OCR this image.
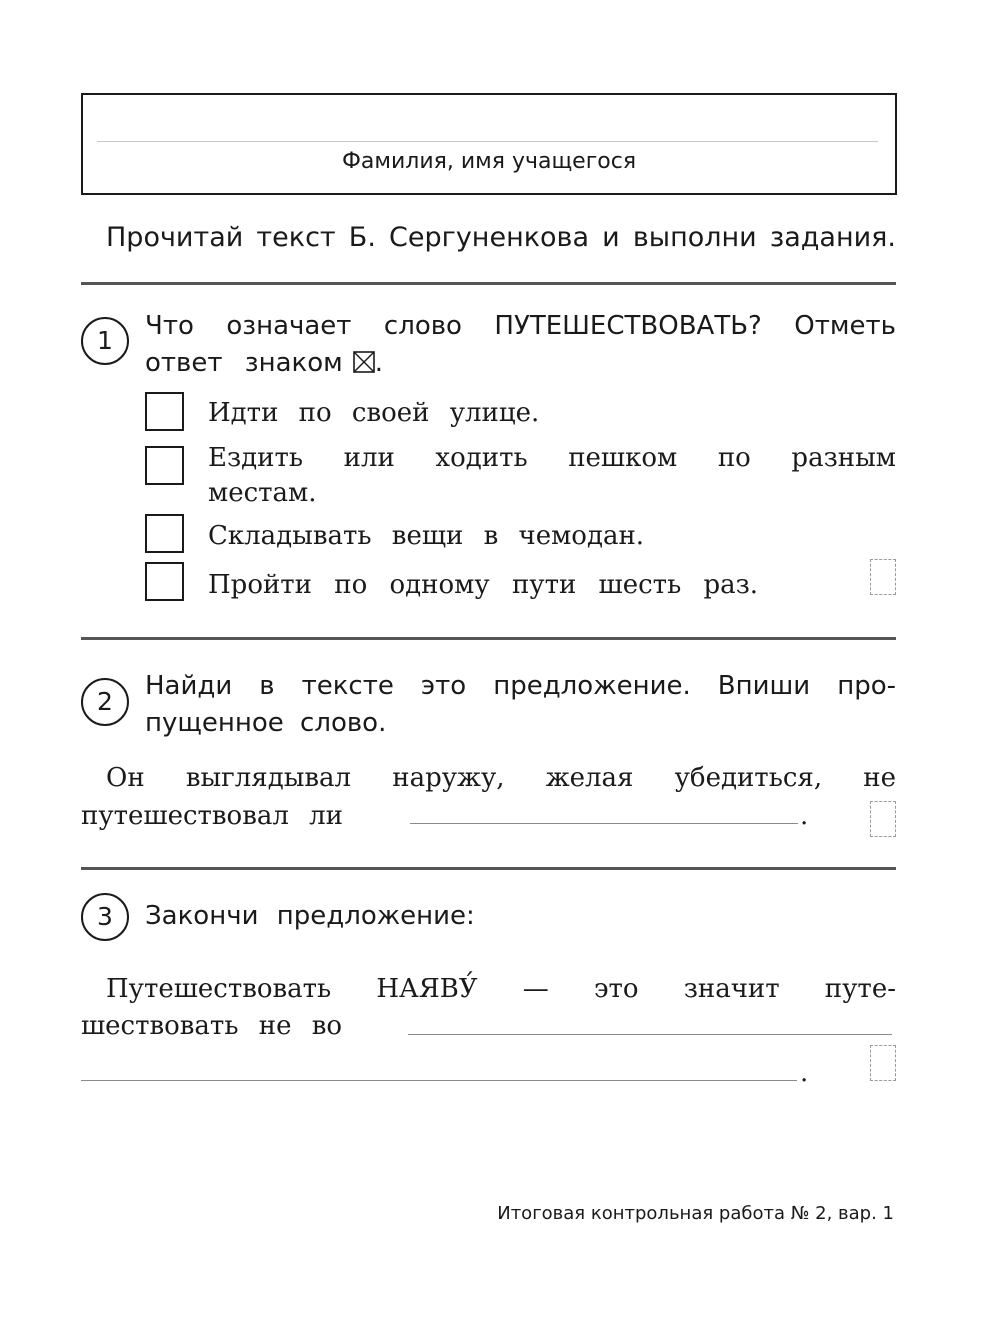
Фамилия, имя учащегося
Прочитай текст Б. Сергуненкова и выполни задания.
1	Что означает слово ПУТЕШЕСТВОВАТЬ? Отметь
ответ знаком ☒.
Идти по своей улице.
Ездить или ходить пешком по разным
местам.
Складывать вещи в чемодан.
Пройти по одному пути шесть раз.
2
Найди в тексте это предложение. Впиши про-
пущенное слово.
Он выглядывал наружу, желая убедиться, не
путешествовал ли	.
3	Закончи предложение:
Путешествовать НАЯВУ́ — это значит путе-
шествовать не во
.
Итоговая контрольная работа № 2, вар. 1
